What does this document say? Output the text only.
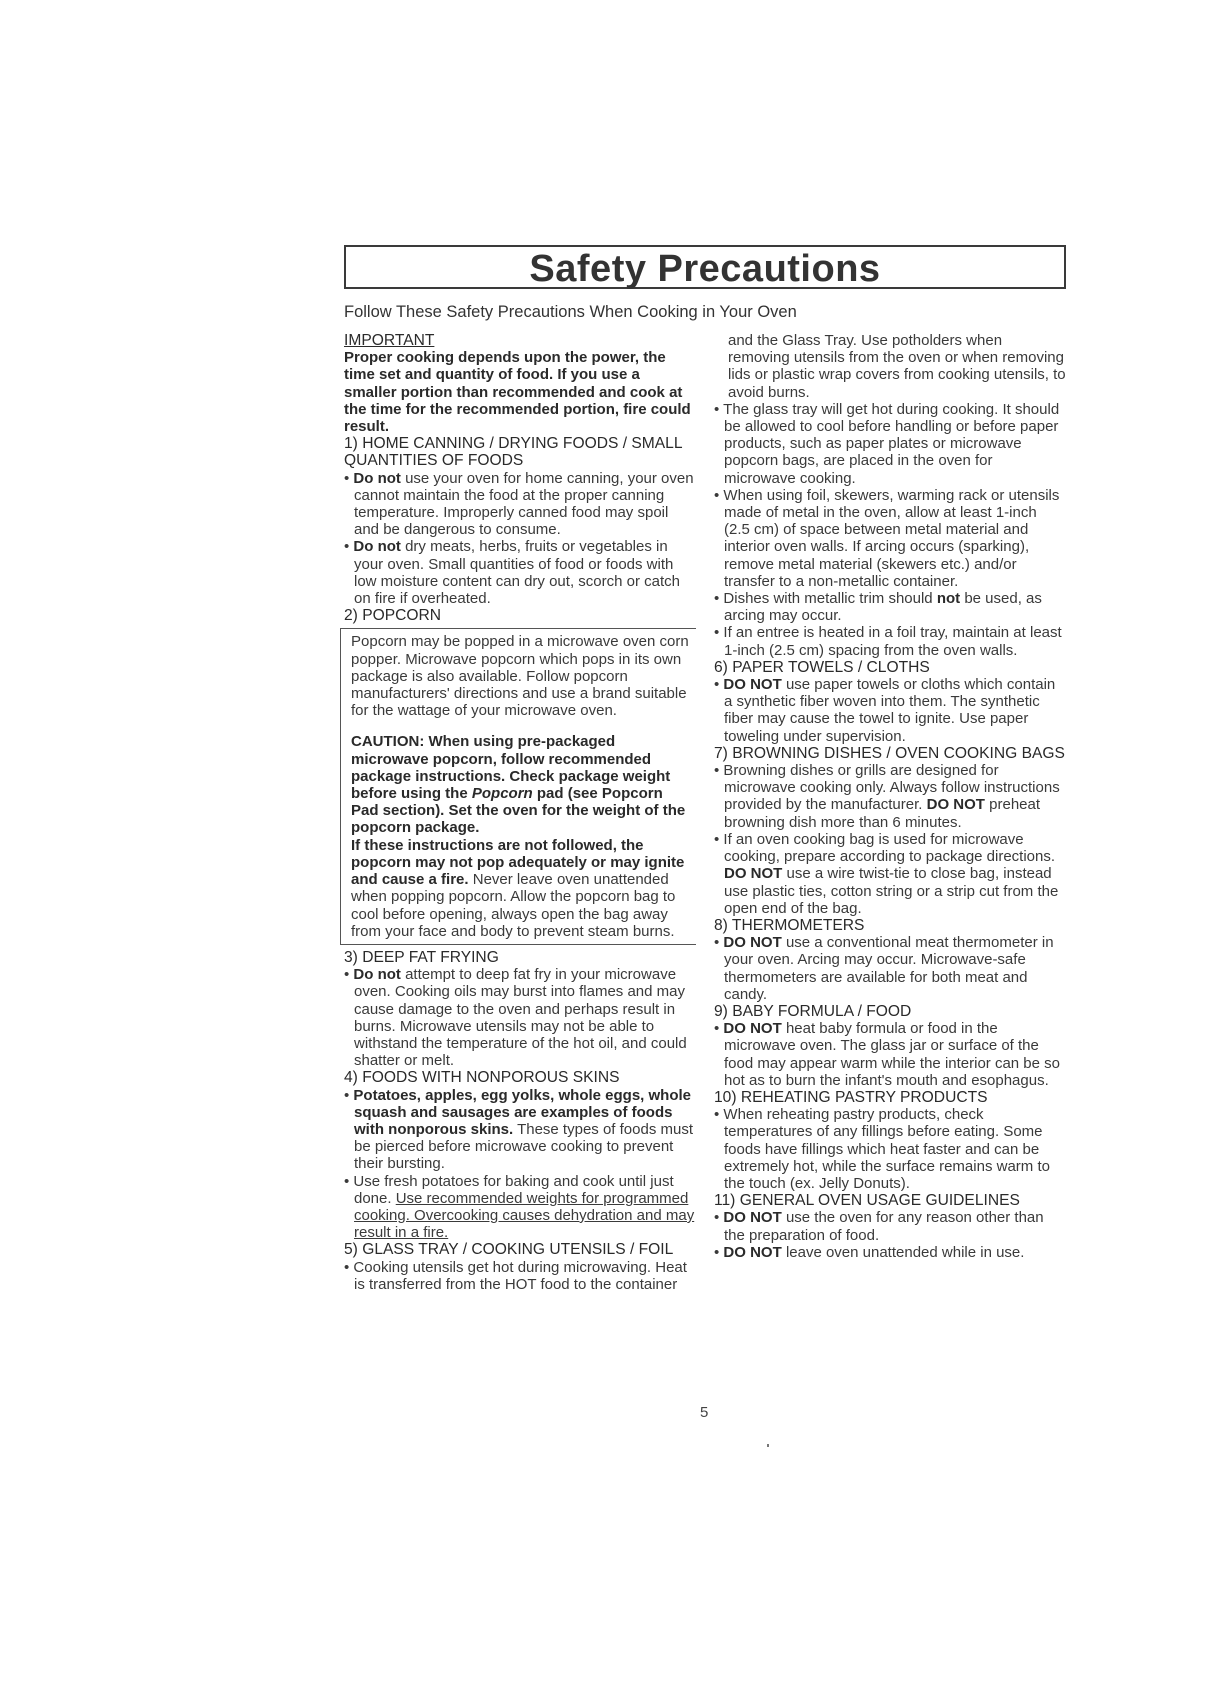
Safety Precautions
Follow These Safety Precautions When Cooking in Your Oven

IMPORTANT

Proper cooking depends upon the power, the time set and quantity of food. If you use a smaller portion than recommended and cook at the time for the recommended portion, fire could result.

1) HOME CANNING / DRYING FOODS / SMALL QUANTITIES OF FOODS

• Do not use your oven for home canning, your oven cannot maintain the food at the proper canning temperature. Improperly canned food may spoil and be dangerous to consume.

• Do not dry meats, herbs, fruits or vegetables in your oven. Small quantities of food or foods with low moisture content can dry out, scorch or catch on fire if overheated.

2) POPCORN

Popcorn may be popped in a microwave oven corn popper. Microwave popcorn which pops in its own package is also available. Follow popcorn manufacturers' directions and use a brand suitable for the wattage of your microwave oven.

CAUTION: When using pre-packaged microwave popcorn, follow recommended package instructions. Check package weight before using the Popcorn pad (see Popcorn Pad section). Set the oven for the weight of the popcorn package.

If these instructions are not followed, the popcorn may not pop adequately or may ignite and cause a fire. Never leave oven unattended when popping popcorn. Allow the popcorn bag to cool before opening, always open the bag away from your face and body to prevent steam burns.

3) DEEP FAT FRYING

• Do not attempt to deep fat fry in your microwave oven. Cooking oils may burst into flames and may cause damage to the oven and perhaps result in burns. Microwave utensils may not be able to withstand the temperature of the hot oil, and could shatter or melt.

4) FOODS WITH NONPOROUS SKINS

• Potatoes, apples, egg yolks, whole eggs, whole squash and sausages are examples of foods with nonporous skins. These types of foods must be pierced before microwave cooking to prevent their bursting.

• Use fresh potatoes for baking and cook until just done. Use recommended weights for programmed cooking. Overcooking causes dehydration and may result in a fire.

5) GLASS TRAY / COOKING UTENSILS / FOIL

• Cooking utensils get hot during microwaving. Heat is transferred from the HOT food to the container

and the Glass Tray. Use potholders when removing utensils from the oven or when removing lids or plastic wrap covers from cooking utensils, to avoid burns.

• The glass tray will get hot during cooking. It should be allowed to cool before handling or before paper products, such as paper plates or microwave popcorn bags, are placed in the oven for microwave cooking.

• When using foil, skewers, warming rack or utensils made of metal in the oven, allow at least 1-inch (2.5 cm) of space between metal material and interior oven walls. If arcing occurs (sparking), remove metal material (skewers etc.) and/or transfer to a non-metallic container.

• Dishes with metallic trim should not be used, as arcing may occur.

• If an entree is heated in a foil tray, maintain at least 1-inch (2.5 cm) spacing from the oven walls.

6) PAPER TOWELS / CLOTHS

• DO NOT use paper towels or cloths which contain a synthetic fiber woven into them. The synthetic fiber may cause the towel to ignite. Use paper toweling under supervision.

7) BROWNING DISHES / OVEN COOKING BAGS

• Browning dishes or grills are designed for microwave cooking only. Always follow instructions provided by the manufacturer. DO NOT preheat browning dish more than 6 minutes.

• If an oven cooking bag is used for microwave cooking, prepare according to package directions. DO NOT use a wire twist-tie to close bag, instead use plastic ties, cotton string or a strip cut from the open end of the bag.

8) THERMOMETERS

• DO NOT use a conventional meat thermometer in your oven. Arcing may occur. Microwave-safe thermometers are available for both meat and candy.

9) BABY FORMULA / FOOD

• DO NOT heat baby formula or food in the microwave oven. The glass jar or surface of the food may appear warm while the interior can be so hot as to burn the infant's mouth and esophagus.

10) REHEATING PASTRY PRODUCTS

• When reheating pastry products, check temperatures of any fillings before eating. Some foods have fillings which heat faster and can be extremely hot, while the surface remains warm to the touch (ex. Jelly Donuts).

11) GENERAL OVEN USAGE GUIDELINES

• DO NOT use the oven for any reason other than the preparation of food.

• DO NOT leave oven unattended while in use.

5
